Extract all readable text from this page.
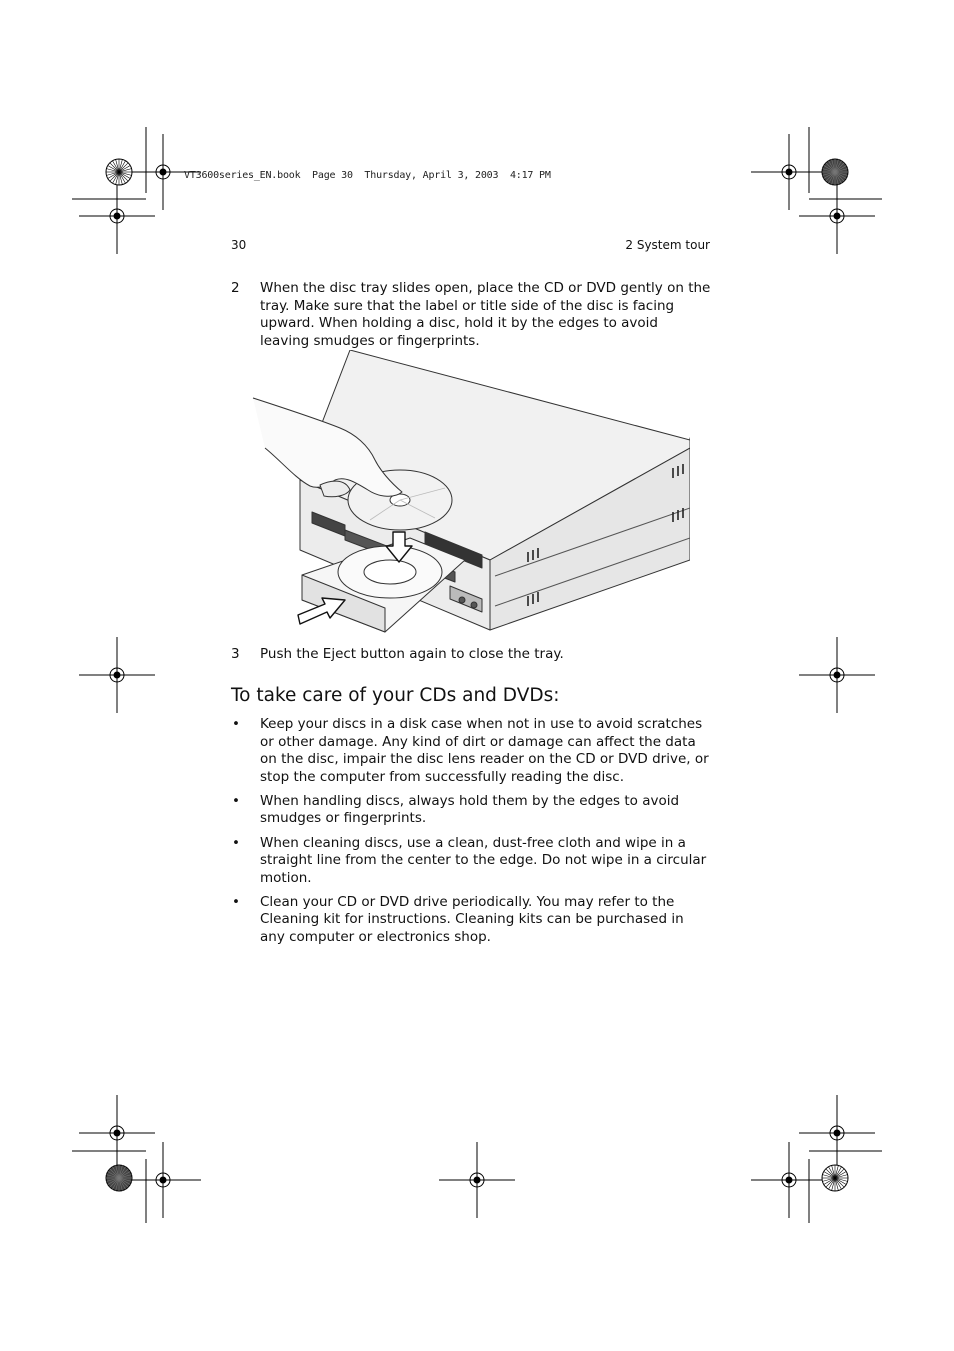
VT3600series_EN.book  Page 30  Thursday, April 3, 2003  4:17 PM
30	2 System tour
2 When the disc tray slides open, place the CD or DVD gently on the tray. Make sure that the label or title side of the disc is facing upward. When holding a disc, hold it by the edges to avoid leaving smudges or fingerprints.
3 Push the Eject button again to close the tray.
To take care of your CDs and DVDs:
• Keep your discs in a disk case when not in use to avoid scratches or other damage. Any kind of dirt or damage can affect the data on the disc, impair the disc lens reader on the CD or DVD drive, or stop the computer from successfully reading the disc.
• When handling discs, always hold them by the edges to avoid smudges or fingerprints.
• When cleaning discs, use a clean, dust-free cloth and wipe in a straight line from the center to the edge. Do not wipe in a circular motion.
• Clean your CD or DVD drive periodically. You may refer to the Cleaning kit for instructions. Cleaning kits can be purchased in any computer or electronics shop.
